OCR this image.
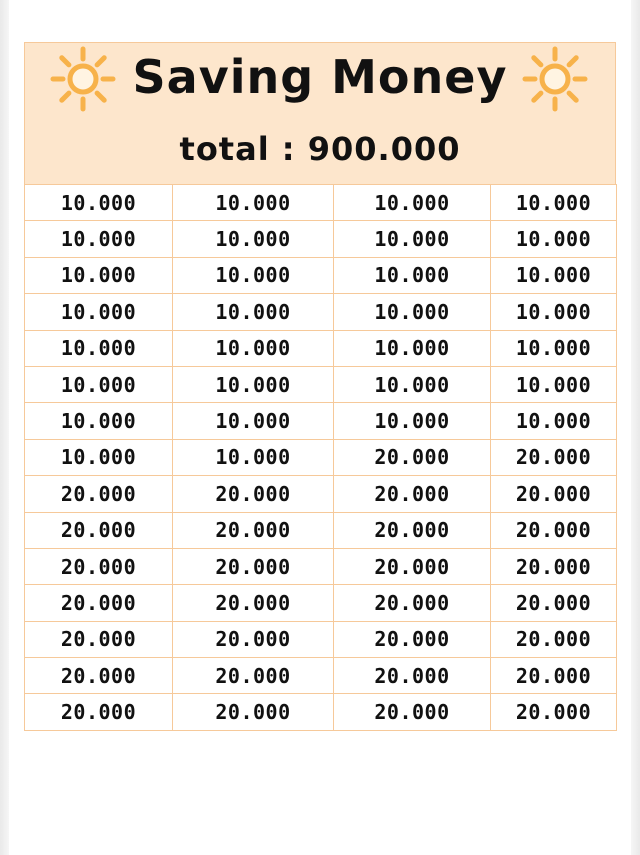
Saving Money
total : 900.000
10.000	10.000	10.000	10.000
10.000	10.000	10.000	10.000
10.000	10.000	10.000	10.000
10.000	10.000	10.000	10.000
10.000	10.000	10.000	10.000
10.000	10.000	10.000	10.000
10.000	10.000	10.000	10.000
10.000	10.000	20.000	20.000
20.000	20.000	20.000	20.000
20.000	20.000	20.000	20.000
20.000	20.000	20.000	20.000
20.000	20.000	20.000	20.000
20.000	20.000	20.000	20.000
20.000	20.000	20.000	20.000
20.000	20.000	20.000	20.000
